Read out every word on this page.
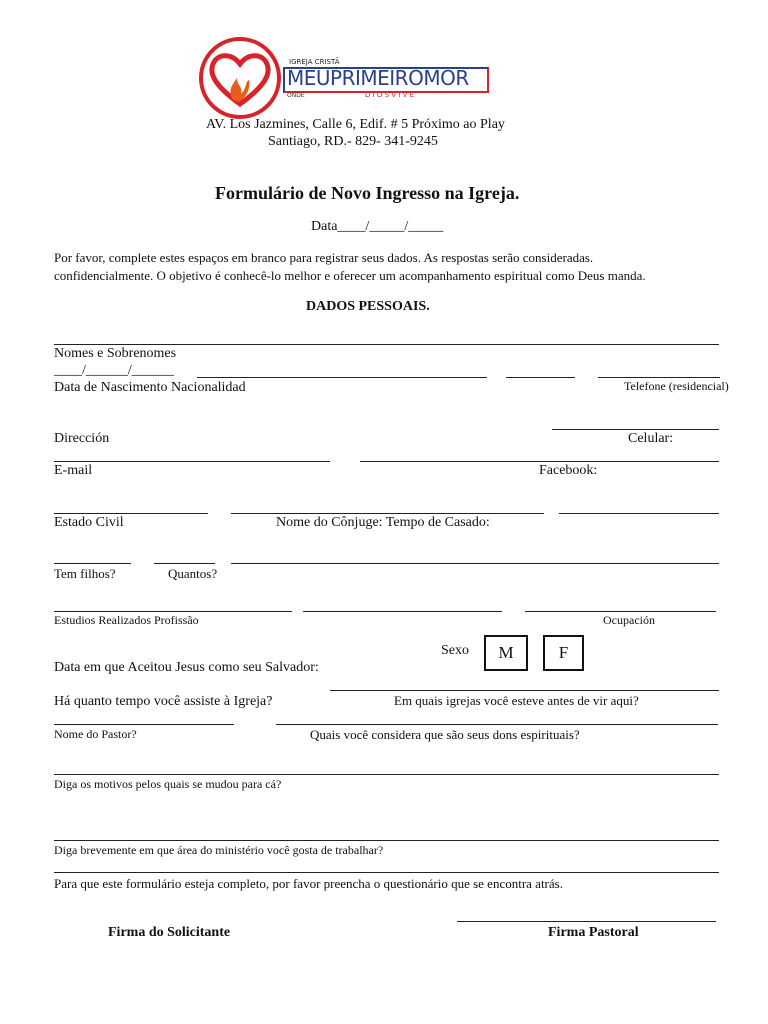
IGREJA CRISTÃ
MEUPRIMEIROMOR
ONDE	D I O S V I V E
AV. Los Jazmines, Calle 6, Edif. # 5 Próximo ao Play
Santiago, RD.- 829- 341-9245
Formulário de Novo Ingresso na Igreja.
Data____/_____/_____
Por favor, complete estes espaços em branco para registrar seus dados. As respostas serão consideradas.
confidencialmente. O objetivo é conhecê-lo melhor e oferecer um acompanhamento espiritual como Deus manda.
DADOS PESSOAIS.
Nomes e Sobrenomes
____/______/______
Data de Nascimento Nacionalidad	Telefone (residencial)
Dirección	Celular:
E-mail	Facebook:
Estado Civil	Nome do Cônjuge: Tempo de Casado:
Tem filhos?	Quantos?
Estudios Realizados Profissão	Ocupación
Sexo	M	F
Data em que Aceitou Jesus como seu Salvador:
Há quanto tempo você assiste à Igreja?	Em quais igrejas você esteve antes de vir aqui?
Nome do Pastor?	Quais você considera que são seus dons espirituais?
Diga os motivos pelos quais se mudou para cá?
Diga brevemente em que área do ministério você gosta de trabalhar?
Para que este formulário esteja completo, por favor preencha o questionário que se encontra atrás.
Firma do Solicitante	Firma Pastoral
